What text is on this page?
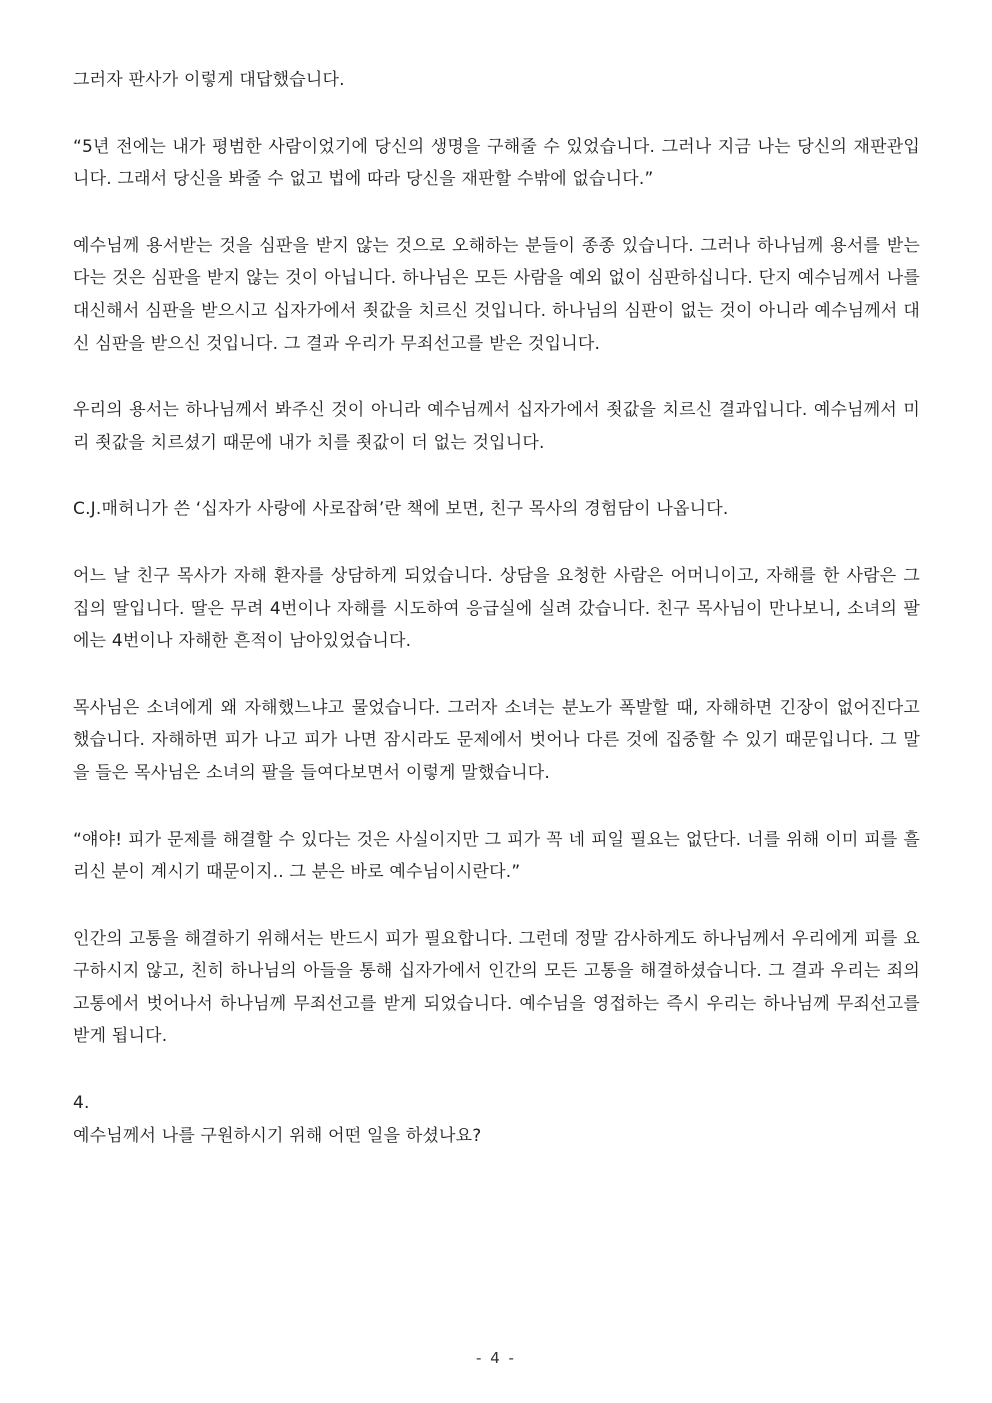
그러자 판사가 이렇게 대답했습니다.

“5년 전에는 내가 평범한 사람이었기에 당신의 생명을 구해줄 수 있었습니다. 그러나 지금 나는 당신의 재판관입니다. 그래서 당신을 봐줄 수 없고 법에 따라 당신을 재판할 수밖에 없습니다.”

예수님께 용서받는 것을 심판을 받지 않는 것으로 오해하는 분들이 종종 있습니다. 그러나 하나님께 용서를 받는다는 것은 심판을 받지 않는 것이 아닙니다. 하나님은 모든 사람을 예외 없이 심판하십니다. 단지 예수님께서 나를 대신해서 심판을 받으시고 십자가에서 죗값을 치르신 것입니다. 하나님의 심판이 없는 것이 아니라 예수님께서 대신 심판을 받으신 것입니다. 그 결과 우리가 무죄선고를 받은 것입니다.

우리의 용서는 하나님께서 봐주신 것이 아니라 예수님께서 십자가에서 죗값을 치르신 결과입니다. 예수님께서 미리 죗값을 치르셨기 때문에 내가 치를 죗값이 더 없는 것입니다.

C.J.매허니가 쓴 ‘십자가 사랑에 사로잡혀’란 책에 보면, 친구 목사의 경험담이 나옵니다.

어느 날 친구 목사가 자해 환자를 상담하게 되었습니다. 상담을 요청한 사람은 어머니이고, 자해를 한 사람은 그 집의 딸입니다. 딸은 무려 4번이나 자해를 시도하여 응급실에 실려 갔습니다. 친구 목사님이 만나보니, 소녀의 팔에는 4번이나 자해한 흔적이 남아있었습니다.

목사님은 소녀에게 왜 자해했느냐고 물었습니다. 그러자 소녀는 분노가 폭발할 때, 자해하면 긴장이 없어진다고 했습니다. 자해하면 피가 나고 피가 나면 잠시라도 문제에서 벗어나 다른 것에 집중할 수 있기 때문입니다. 그 말을 들은 목사님은 소녀의 팔을 들여다보면서 이렇게 말했습니다.

“얘야! 피가 문제를 해결할 수 있다는 것은 사실이지만 그 피가 꼭 네 피일 필요는 없단다. 너를 위해 이미 피를 흘리신 분이 계시기 때문이지.. 그 분은 바로 예수님이시란다.”

인간의 고통을 해결하기 위해서는 반드시 피가 필요합니다. 그런데 정말 감사하게도 하나님께서 우리에게 피를 요구하시지 않고, 친히 하나님의 아들을 통해 십자가에서 인간의 모든 고통을 해결하셨습니다. 그 결과 우리는 죄의 고통에서 벗어나서 하나님께 무죄선고를 받게 되었습니다. 예수님을 영접하는 즉시 우리는 하나님께 무죄선고를 받게 됩니다.

4.

예수님께서 나를 구원하시기 위해 어떤 일을 하셨나요?

- 4 -
